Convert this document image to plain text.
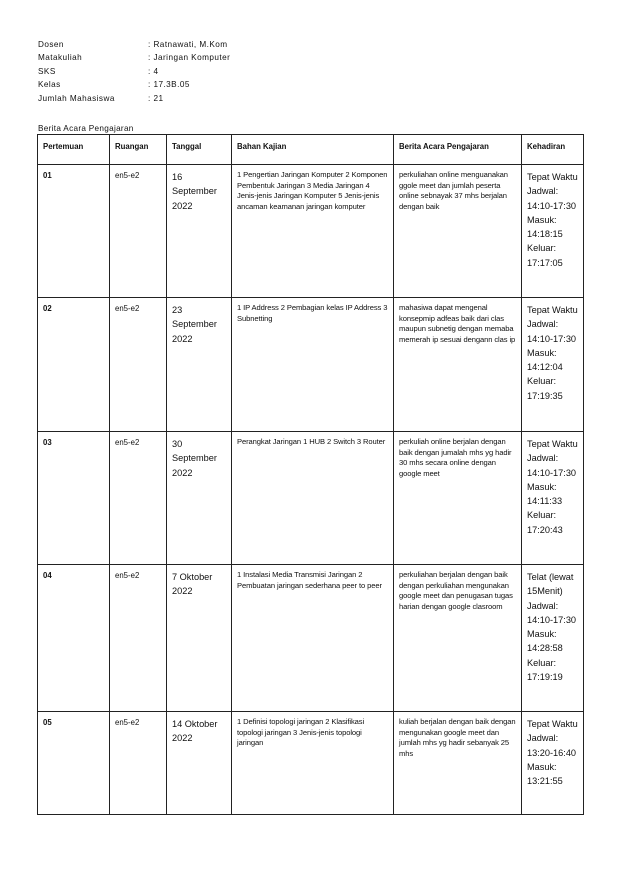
Dosen	: Ratnawati, M.Kom
Matakuliah	: Jaringan Komputer
SKS	: 4
Kelas	: 17.3B.05
Jumlah Mahasiswa	: 21
Berita Acara Pengajaran
Pertemuan	Ruangan	Tanggal	Bahan Kajian	Berita Acara Pengajaran	Kehadiran
01	en5-e2	16 September 2022	1 Pengertian Jaringan Komputer 2 Komponen Pembentuk Jaringan 3 Media Jaringan 4 Jenis-jenis Jaringan Komputer 5 Jenis-jenis ancaman keamanan jaringan komputer	perkuliahan online menguanakan ggole meet dan jumlah peserta online sebnayak 37 mhs berjalan dengan baik	Tepat Waktu Jadwal: 14:10-17:30 Masuk: 14:18:15 Keluar: 17:17:05
02	en5-e2	23 September 2022	1 IP Address 2 Pembagian kelas IP Address 3 Subnetting	mahasiwa dapat mengenal konsepmip adfeas baik dari clas maupun subnetig dengan memaba memerah ip sesuai dengann clas ip	Tepat Waktu Jadwal: 14:10-17:30 Masuk: 14:12:04 Keluar: 17:19:35
03	en5-e2	30 September 2022	Perangkat Jaringan 1 HUB 2 Switch 3 Router	perkuliah online berjalan dengan baik dengan jumalah mhs yg hadir 30 mhs secara online dengan google meet	Tepat Waktu Jadwal: 14:10-17:30 Masuk: 14:11:33 Keluar: 17:20:43
04	en5-e2	7 Oktober 2022	1 Instalasi Media Transmisi Jaringan 2 Pembuatan jaringan sederhana peer to peer	perkuliahan berjalan dengan baik dengan perkuliahan mengunakan google meet dan penugasan tugas harian dengan google clasroom	Telat (lewat 15Menit) Jadwal: 14:10-17:30 Masuk: 14:28:58 Keluar: 17:19:19
05	en5-e2	14 Oktober 2022	1 Definisi topologi jaringan 2 Klasifikasi topologi jaringan 3 Jenis-jenis topologi jaringan	kuliah berjalan dengan baik dengan mengunakan google meet dan jumlah mhs yg hadir sebanyak 25 mhs	Tepat Waktu Jadwal: 13:20-16:40 Masuk: 13:21:55
